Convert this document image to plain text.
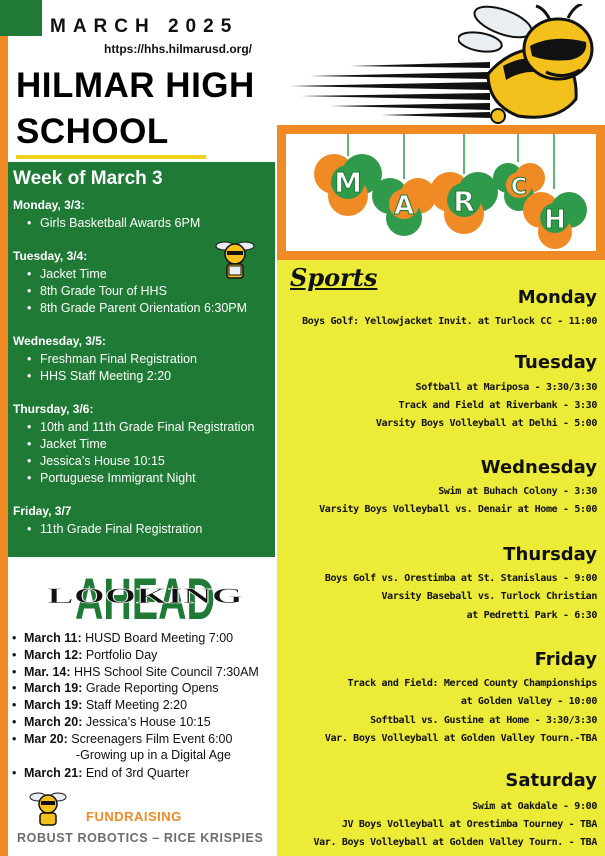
MARCH 2025
https://hhs.hilmarusd.org/
HILMAR HIGH
SCHOOL
Week of March 3
Monday, 3/3:
• Girls Basketball Awards 6PM
Tuesday, 3/4:
• Jacket Time
• 8th Grade Tour of HHS
• 8th Grade Parent Orientation 6:30PM
Wednesday, 3/5:
• Freshman Final Registration
• HHS Staff Meeting 2:20
Thursday, 3/6:
• 10th and 11th Grade Final Registration
• Jacket Time
• Jessica’s House 10:15
• Portuguese Immigrant Night
Friday, 3/7
• 11th Grade Final Registration
M
A R C
H
Sports
Monday
Boys Golf: Yellowjacket Invit. at Turlock CC - 11:00
Tuesday
Softball at Mariposa - 3:30/3:30
Track and Field at Riverbank - 3:30
Varsity Boys Volleyball at Delhi - 5:00
Wednesday
Swim at Buhach Colony - 3:30
Varsity Boys Volleyball vs. Denair at Home - 5:00
Thursday
Boys Golf vs. Orestimba at St. Stanislaus - 9:00
Varsity Baseball vs. Turlock Christian
at Pedretti Park - 6:30
Friday
Track and Field: Merced County Championships
at Golden Valley - 10:00
Softball vs. Gustine at Home - 3:30/3:30
Var. Boys Volleyball at Golden Valley Tourn.-TBA
Saturday
Swim at Oakdale - 9:00
JV Boys Volleyball at Orestimba Tourney - TBA
Var. Boys Volleyball at Golden Valley Tourn. - TBA
AHEAD
LOOKING
• March 11: HUSD Board Meeting 7:00
• March 12: Portfolio Day
• Mar. 14: HHS School Site Council 7:30AM
• March 19: Grade Reporting Opens
• March 19: Staff Meeting 2:20
• March 20: Jessica’s House 10:15
• Mar 20: Screenagers Film Event 6:00
• March 21: End of 3rd Quarter
-Growing up in a Digital Age
FUNDRAISING
ROBUST ROBOTICS – RICE KRISPIES
